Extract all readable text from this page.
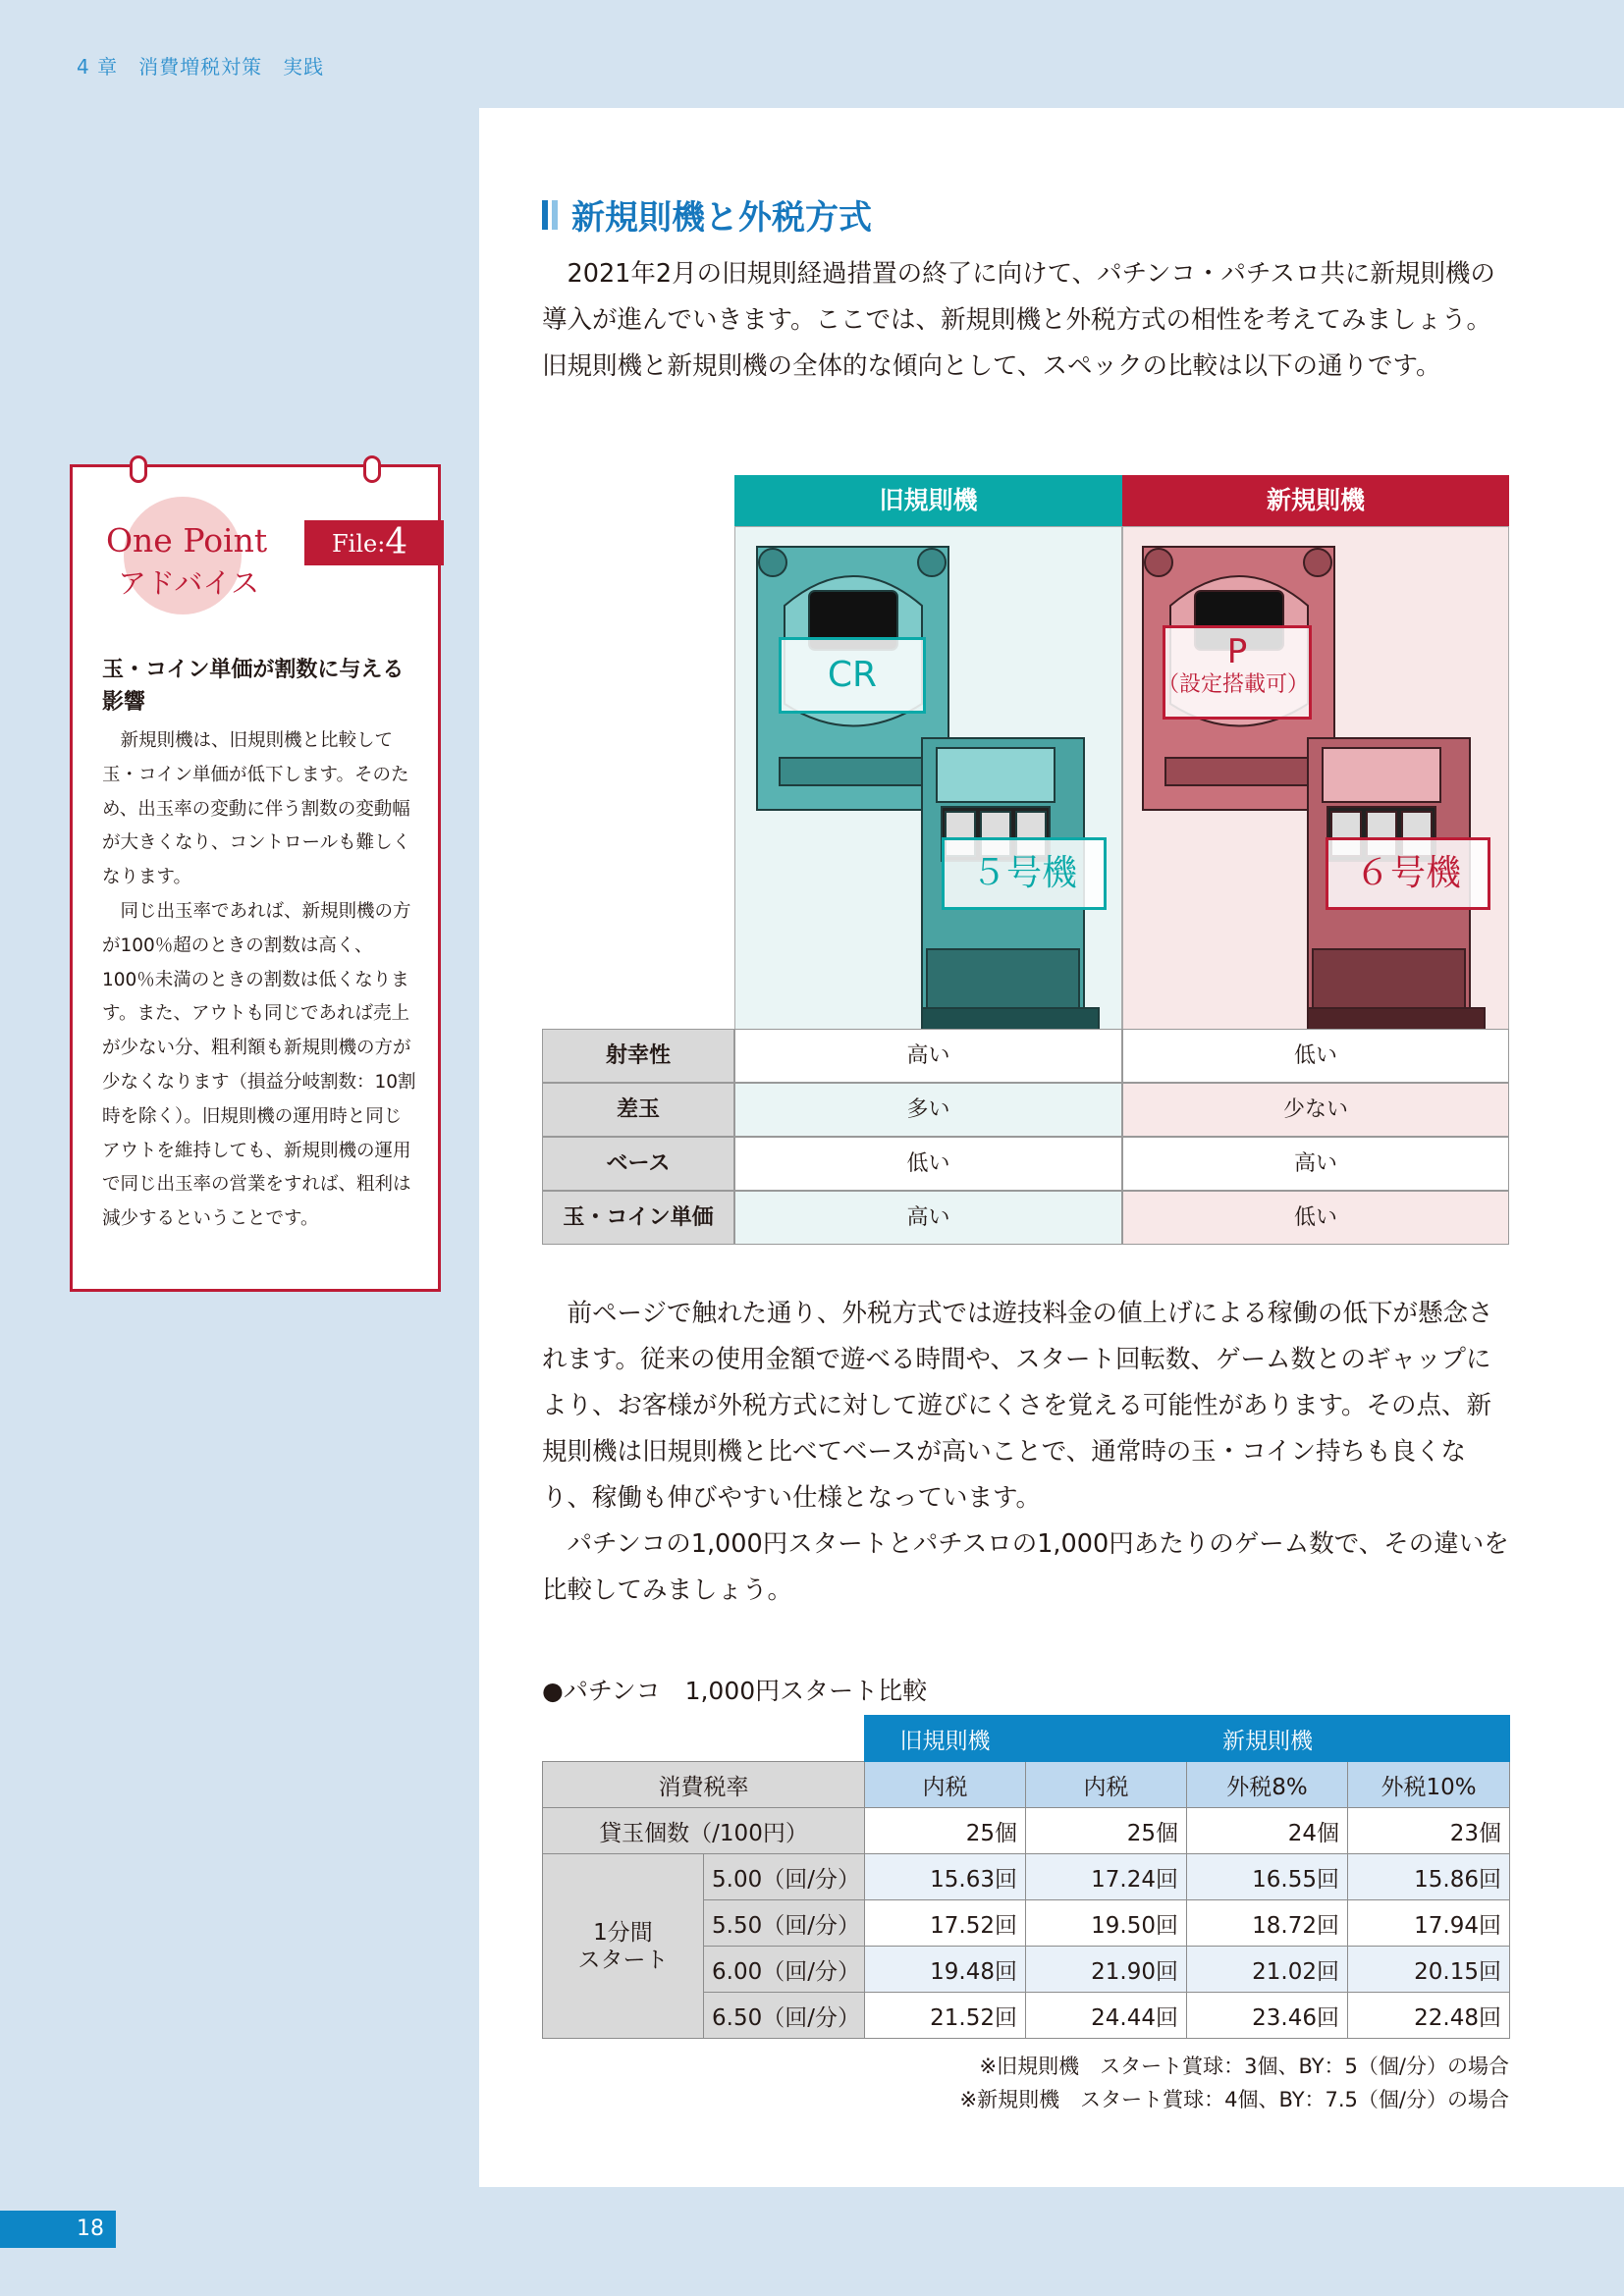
4 章　消費増税対策　実践
One Point
アドバイス
File:4
玉・コイン単価が割数に与える影響

新規則機は、旧規則機と比較して玉・コイン単価が低下します。そのため、出玉率の変動に伴う割数の変動幅が大きくなり、コントロールも難しくなります。

同じ出玉率であれば、新規則機の方が100％超のときの割数は高く、100％未満のときの割数は低くなります。また、アウトも同じであれば売上が少ない分、粗利額も新規則機の方が少なくなります（損益分岐割数：10割時を除く）。旧規則機の運用時と同じアウトを維持しても、新規則機の運用で同じ出玉率の営業をすれば、粗利は減少するということです。

新規則機と外税方式

2021年2月の旧規則経過措置の終了に向けて、パチンコ・パチスロ共に新規則機の導入が進んでいきます。ここでは、新規則機と外税方式の相性を考えてみましょう。旧規則機と新規則機の全体的な傾向として、スペックの比較は以下の通りです。

旧規則機	新規則機
CR
５号機
P
（設定搭載可）
６号機
射幸性	高い	低い
差玉	多い	少ない
ベース	低い	高い
玉・コイン単価	高い	低い

前ページで触れた通り、外税方式では遊技料金の値上げによる稼働の低下が懸念されます。従来の使用金額で遊べる時間や、スタート回転数、ゲーム数とのギャップにより、お客様が外税方式に対して遊びにくさを覚える可能性があります。その点、新規則機は旧規則機と比べてベースが高いことで、通常時の玉・コイン持ちも良くなり、稼働も伸びやすい仕様となっています。

パチンコの1,000円スタートとパチスロの1,000円あたりのゲーム数で、その違いを比較してみましょう。

●パチンコ　1,000円スタート比較
		旧規則機	新規則機		
消費税率		内税	内税	外税8%	外税10%
貸玉個数（/100円）		25個	25個	24個	23個
1分間
スタート	5.00（回/分）	15.63回	17.24回	16.55回	15.86回
	5.50（回/分）	17.52回	19.50回	18.72回	17.94回
	6.00（回/分）	19.48回	21.90回	21.02回	20.15回
	6.50（回/分）	21.52回	24.44回	23.46回	22.48回
※旧規則機　スタート賞球：3個、BY：5（個/分）の場合
※新規則機　スタート賞球：4個、BY：7.5（個/分）の場合
18
